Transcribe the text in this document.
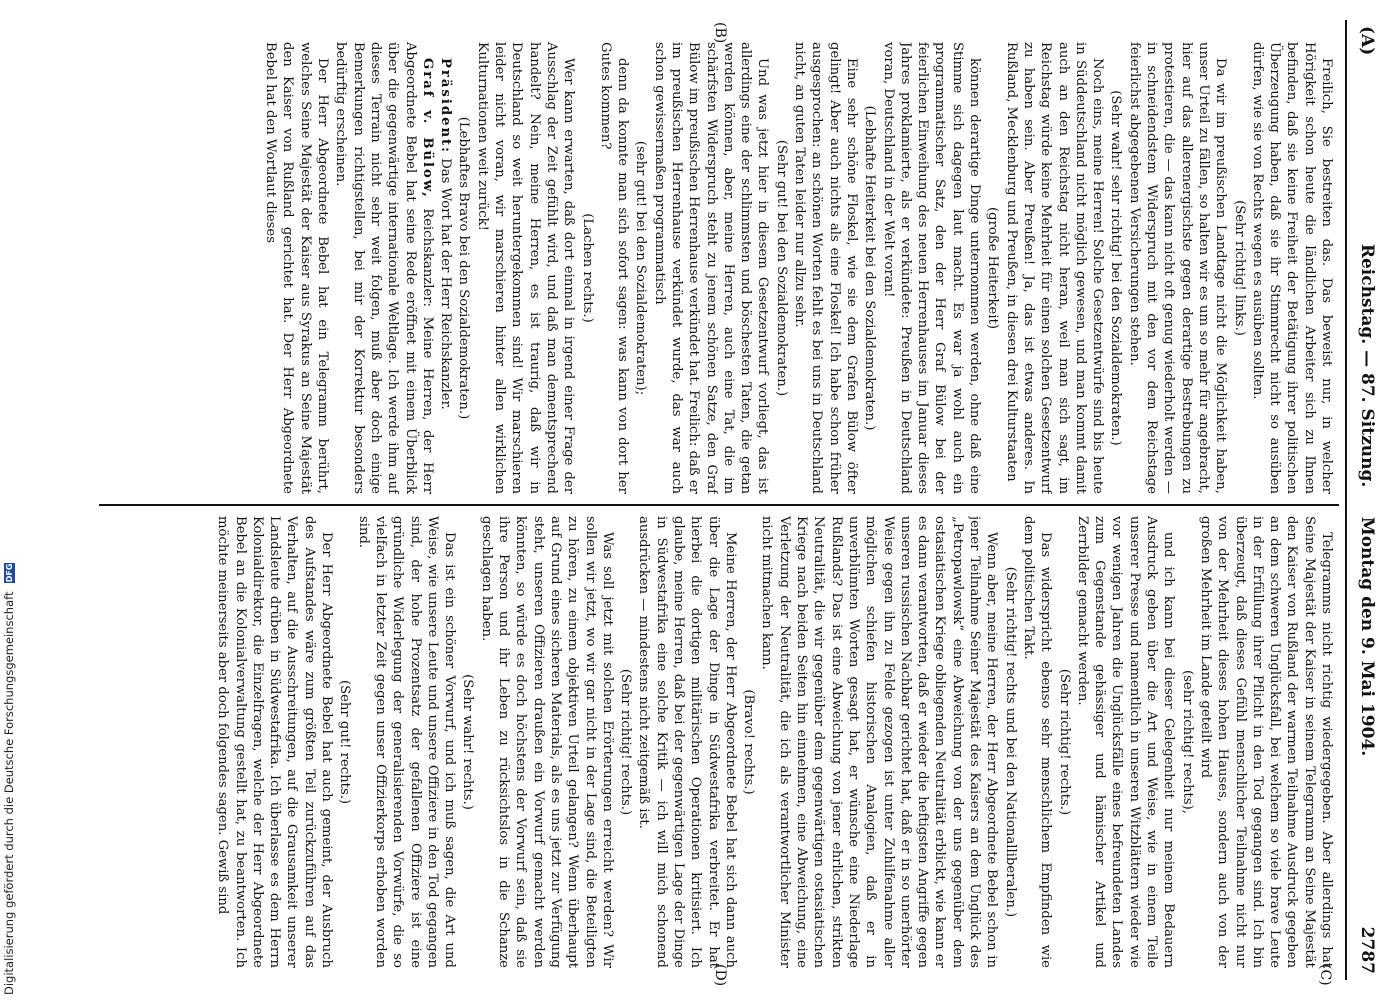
(A)
Reichstag. — 87. Sitzung.     Montag den 9. Mai 1904.
2787
(B)
(C)
(D)

Freilich, Sie bestreiten das. Das beweist nur, in welcher Hörigkeit schon heute die ländlichen Arbeiter sich zu Ihnen befinden, daß sie keine Freiheit der Betätigung ihrer politischen Überzeugung haben, daß sie ihr Stimmrecht nicht so ausüben dürfen, wie sie von Rechts wegen es ausüben sollten.

(Sehr richtig! links.)

Da wir im preußischen Landtage nicht die Möglichkeit haben, unser Urteil zu fällen, so halten wir es um so mehr für angebracht, hier auf das allerenergischste gegen derartige Bestrebungen zu protestieren, die — das kann nicht oft genug wiederholt werden — in schneidendstem Widerspruch mit den vor dem Reichstage feierlichst abgegebenen Versicherungen stehen.

(Sehr wahr! sehr richtig! bei den Sozialdemokraten.)

Noch eins, meine Herren! Solche Gesetzentwürfe sind bis heute in Süddeutschland nicht möglich gewesen, und man kommt damit auch an den Reichstag nicht heran, weil man sich sagt, im Reichstag würde keine Mehrheit für einen solchen Gesetzentwurf zu haben sein. Aber Preußen! Ja, das ist etwas anderes. In Rußland, Mecklenburg und Preußen, in diesen drei Kulturstaaten

(große Heiterkeit)

können derartige Dinge unternommen werden, ohne daß eine Stimme sich dagegen laut macht. Es war ja wohl auch ein programmatischer Satz, den der Herr Graf Bülow bei der feierlichen Einweihung des neuen Herrenhauses im Januar dieses Jahres proklamierte, als er verkündete: Preußen in Deutschland voran, Deutschland in der Welt voran!

(Lebhafte Heiterkeit bei den Sozialdemokraten.)

Eine sehr schöne Floskel, wie sie dem Grafen Bülow öfter gelingt! Aber auch nichts als eine Floskel! Ich habe schon früher ausgesprochen: an schönen Worten fehlt es bei uns in Deutschland nicht, an guten Taten leider nur allzu sehr.

(Sehr gut! bei den Sozialdemokraten.)

Und was jetzt hier in diesem Gesetzentwurf vorliegt, das ist allerdings eine der schlimmsten und böschesten Taten, die getan werden können, aber, meine Herren, auch eine Tat, die im schärfsten Widerspruch steht zu jenem schönen Satze, den Graf Bülow im preußischen Herrenhause verkündet hat. Freilich: daß er im preußischen Herrenhause verkündet wurde, das war auch schon gewissermaßen programmatisch

(sehr gut! bei den Sozialdemokraten);

denn da konnte man sich sofort sagen: was kann von dort her Gutes kommen?

(Lachen rechts.)

Wer kann erwarten, daß dort einmal in irgend einer Frage der Ausschlag der Zeit gefühlt wird, und daß man dementsprechend handelt? Nein, meine Herren, es ist traurig, daß wir in Deutschland so weit heruntergekommen sind! Wir marschieren leider nicht voran, wir marschieren hinter allen wirklichen Kulturnationen weit zurück!

(Lebhaftes Bravo bei den Sozialdemokraten.)

Präsident: Das Wort hat der Herr Reichskanzler.

Graf v. Bülow, Reichskanzler: Meine Herren, der Herr Abgeordnete Bebel hat seine Rede eröffnet mit einem Überblick über die gegenwärtige internationale Weltlage. Ich werde ihm auf dieses Terrain nicht sehr weit folgen, muß aber doch einige Bemerkungen richtigstellen, bei mir der Korrektur besonders bedürftig erscheinen.

Der Herr Abgeordnete Bebel hat ein Telegramm berührt, welches Seine Majestät der Kaiser aus Syrakus an Seine Majestät den Kaiser von Rußland gerichtet hat. Der Herr Abgeordnete Bebel hat den Wortlaut dieses

Telegramms nicht richtig wiedergegeben. Aber allerdings hat Seine Majestät der Kaiser in seinem Telegramm an Seine Majestät den Kaiser von Rußland der warmen Teilnahme Ausdruck gegeben an dem schweren Unglücksfall, bei welchem so viele brave Leute in der Erfüllung ihrer Pflicht in den Tod gegangen sind. Ich bin überzeugt, daß dieses Gefühl menschlicher Teilnahme nicht nur von der Mehrheit dieses hohen Hauses, sondern auch von der großen Mehrheit im Lande geteilt wird

(sehr richtig! rechts),

und ich kann bei dieser Gelegenheit nur meinem Bedauern Ausdruck geben über die Art und Weise, wie in einem Teile unserer Presse und namentlich in unseren Witzblättern wieder wie vor wenigen Jahren die Unglücksfälle eines befreundeten Landes zum Gegenstande gehässiger und hämischer Artikel und Zerrbilder gemacht werden.

(Sehr richtig! rechts.)

Das widerspricht ebenso sehr menschlichem Empfinden wie dem politischen Takt.

(Sehr richtig! rechts und bei den Nationalliberalen.)

Wenn aber, meine Herren, der Herr Abgeordnete Bebel schon in jener Teilnahme Seiner Majestät des Kaisers an dem Unglück des „Petropawlowsk“ eine Abweichung von der uns gegenüber dem ostasiatischen Kriege obliegenden Neutralität erblickt, wie kann er es dann verantworten, daß er wieder die heftigsten Angriffe gegen unseren russischen Nachbar gerichtet hat, daß er in so unerhörter Weise gegen ihn zu Felde gezogen ist unter Zuhilfenahme aller möglichen schiefen historischen Analogien, daß er in unverblümten Worten gesagt hat, er wünsche eine Niederlage Rußlands? Das ist eine Abweichung von jener ehrlichen, strikten Neutralität, die wir gegenüber dem gegenwärtigen ostasiatischen Kriege nach beiden Seiten hin einnehmen, eine Abweichung, eine Verletzung der Neutralität, die ich als verantwortlicher Minister nicht mitmachen kann.

(Bravo! rechts.)

Meine Herren, der Herr Abgeordnete Bebel hat sich dann auch über die Lage der Dinge in Südwestafrika verbreitet. Er hat hierbei die dortigen militärischen Operationen kritisiert. Ich glaube, meine Herren, daß bei der gegenwärtigen Lage der Dinge in Südwestafrika eine solche Kritik — ich will mich schonend ausdrücken — mindestens nicht zeitgemäß ist.

(Sehr richtig! rechts.)

Was soll jetzt mit solchen Erörterungen erreicht werden? Wir sollen wir jetzt, wo wir gar nicht in der Lage sind, die Beteiligten zu hören, zu einem objektiven Urteil gelangen? Wenn überhaupt auf Grund eines sicheren Materials, als es uns jetzt zur Verfügung steht, unseren Offizieren draußen ein Vorwurf gemacht werden könnten, so würde es doch höchstens der Vorwurf sein, daß sie ihre Person und ihr Leben zu rücksichtslos in die Schanze geschlagen haben.

(Sehr wahr! rechts.)

Das ist ein schöner Vorwurf, und ich muß sagen, die Art und Weise, wie unsere Leute und unsere Offiziere in den Tod gegangen sind, der hohe Prozentsatz der gefallenen Offiziere ist eine gründliche Widerlegung der generalisierenden Vorwürfe, die so vielfach in letzter Zeit gegen unser Offizierkorps erhoben worden sind.

(Sehr gut! rechts.)

Der Herr Abgeordnete Bebel hat auch gemeint, der Ausbruch des Aufstandes wäre zum größten Teil zurückzuführen auf das Verhalten, auf die Ausschreitungen, auf die Grausamkeit unserer Landsleute drüben in Südwestafrika. Ich überlasse es dem Herrn Kolonialdirektor, die Einzelfragen, welche der Herr Abgeordnete Bebel an die Kolonialverwaltung gestellt hat, zu beantworten. Ich möchte meinerseits aber doch folgendes sagen. Gewiß sind

Digitalisierung gefördert durch die Deutsche Forschungsgemeinschaft DFG
